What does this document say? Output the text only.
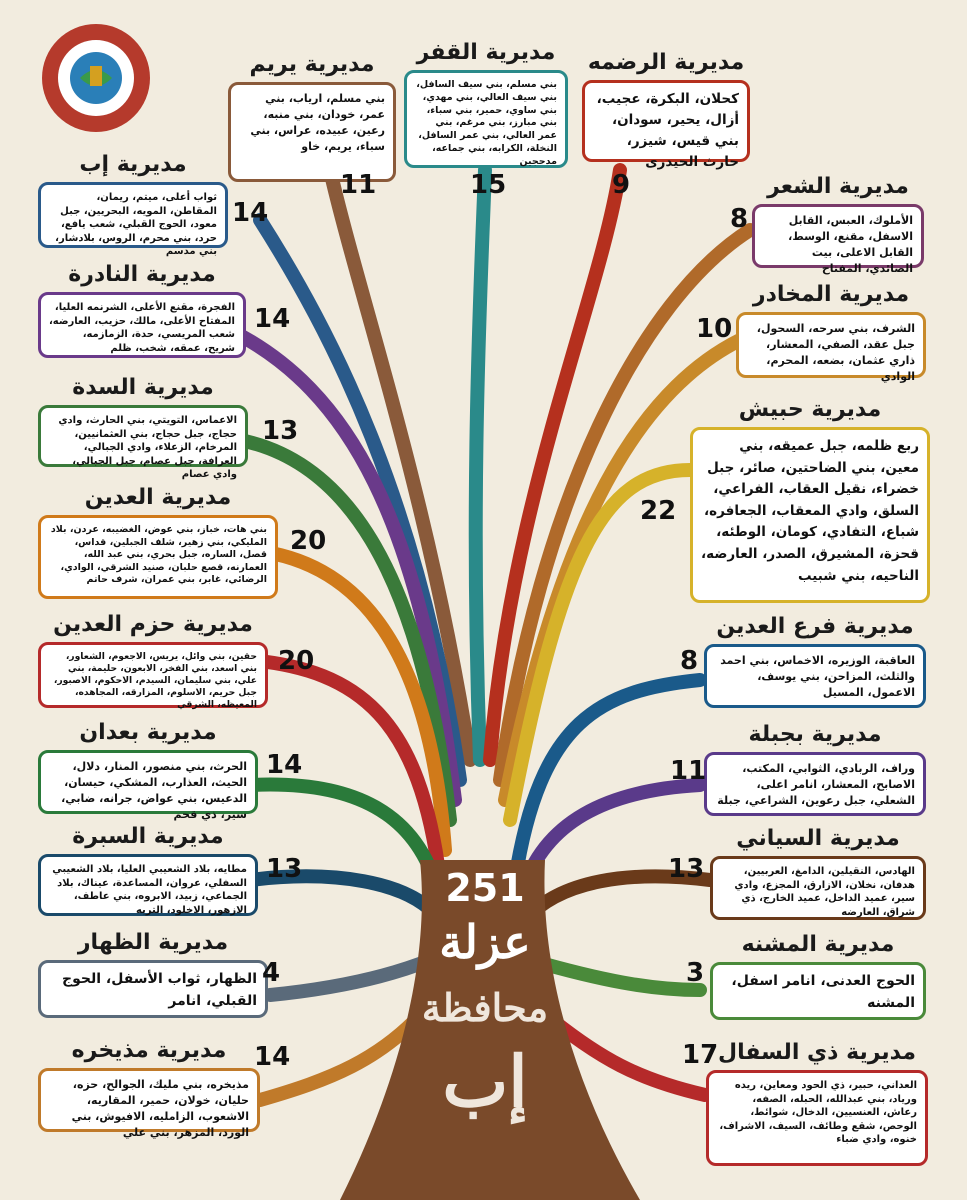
251
عزلة
محافظة
إب
مديرية يريم
بني مسلم، ارياب، بني عمر، خودان، بني منبه، رعين، عبيده، عراس، بني سباء، يريم، خاو
11
مديرية القفر
بني مسلم، بني سيف السافل، بني سيف العالي، بني مهدي، بني ساوي، حمير، بني سباء، بني مبارز، بني مرغم، بني عمر العالي، بني عمر السافل، النخلة، الكرابه، بني جماعه، مدحجين
15
مديرية الرضمه
كحلان، البكرة، عجيب، أزال، يحير، سودان، بني قيس، شيزر، حارث الحيدرى
9
مديرية إب
ثواب أعلى، ميتم، ريمان، المقاطن، المويه، البحريين، جبل معود، الحوج القبلي، شعب يافع، حرد، بني محرم، الروس، بلادشار، بني مدسم
14
مديرية الشعر
الأملوك، العبس، القابل الاسفل، مقنع، الوسط، القابل الاعلى، بيت الصائدي، المفتاح
8
مديرية النادرة
الفجرة، مقنع الأعلى، الشرنمه العليا، المفتاح الأعلى، مالك، حزيب، العارضه، شعب المريسي، حدة، الزمازمه، شريح، عمقه، شخب، ظلم
14
مديرية المخادر
الشرف، بني سرحه، السحول، جبل عقد، الصفي، المعشار، ذاري عثمان، بضعه، المحرم، الوادي
10
مديرية السدة
الاعماس، التويتي، بني الحارث، وادي حجاج، جبل حجاج، بني العثمانيين، المرخام، الزعلاء، وادي الجبالي، العرافة، جبل عصام، جبل الجبالي، وادي عصام
13
مديرية حبيش
ربع ظلمه، جبل عميقه، بني معين، بني الضاحتين، صائر، جبل خضراء، نقيل العقاب، الفراعي، السلق، وادي المعقاب، الجعافره، شباع، التفادي، كومان، الوطئه، قحزة، المشيرق، الصدر، العارضه، الناحيه، بني شبيب
22
مديرية العدين
بني هات، خباز، بني عوض، الغضيبه، عردن، بلاد المليكي، بني زهير، شلف الجبلين، قداس، قصل، الساره، جبل بحري، بني عبد الله، العمارنه، قصع حلبان، صنيد الشرقي، الوادي، الرضائي، غابر، بني عمران، شرف حاتم
20
مديرية حزم العدين
حقين، بني وائل، يريس، الاجعوم، الشعاور، بني اسعد، بني الفخر، الابعون، حليمة، بني علي، بني سليمان، السيدم، الاحكوم، الاصبور، جبل حريم، الاسلوم، المزارقه، المجاهده، المعيظه، الشرقي
20
مديرية فرع العدين
العاقبة، الوزيره، الاخماس، بني احمد والثلث، المزاحن، بني يوسف، الاعمول، المسيل
8
مديرية بعدان
الحرث، بني منصور، المنار، دلال، الحيث، العذارب، المشكي، حيسان، الدعيس، بني عواض، جرانه، ضابي، سير، ذي قحم
14
مديرية بجبلة
وراف، الربادي، الثوابي، المكتب، الاصابح، المعشار، انامر اعلى، الشعلي، جبل رعوين، الشراعي، جبلة
11
مديرية السبرة
مطايه، بلاد الشعيبي العليا، بلاد الشعيبي السفلي، عروان، المساعدة، عيناك، بلاد الجماعي، زبيد، الابروه، بني عاطف، الازهور، الاخلود، التربه
13
مديرية السياني
الهادس، النقيلين، الدامغ، العربيين، هدفان، نخلان، الازارق، المجزع، وادي سير، عميد الداخل، عميد الخارج، ذي شراق، العارضه
13
مديرية الظهار
الظهار، ثواب الأسفل، الحوج القبلي، انامر
4
مديرية المشنه
الحوج العدنى، انامر اسفل، المشنه
3
مديرية مذيخره
مذيخره، بني مليك، الجوالح، حزه، حليان، خولان، حمير، المقاريه، الاشعوب، الزامليه، الافيوش، بني الورد، المزهر، بني علي
14	مديرية ذي السفال
العداني، حبير، ذي الحود ومعاين، ريده ورياد، بني عبدالله، الحبله، الصفه، رعاش، العنسيين، الدخال، شوائط، الوحص، شقع وطائف، السيف، الاشراف، خنوه، وادي ضباء
17
